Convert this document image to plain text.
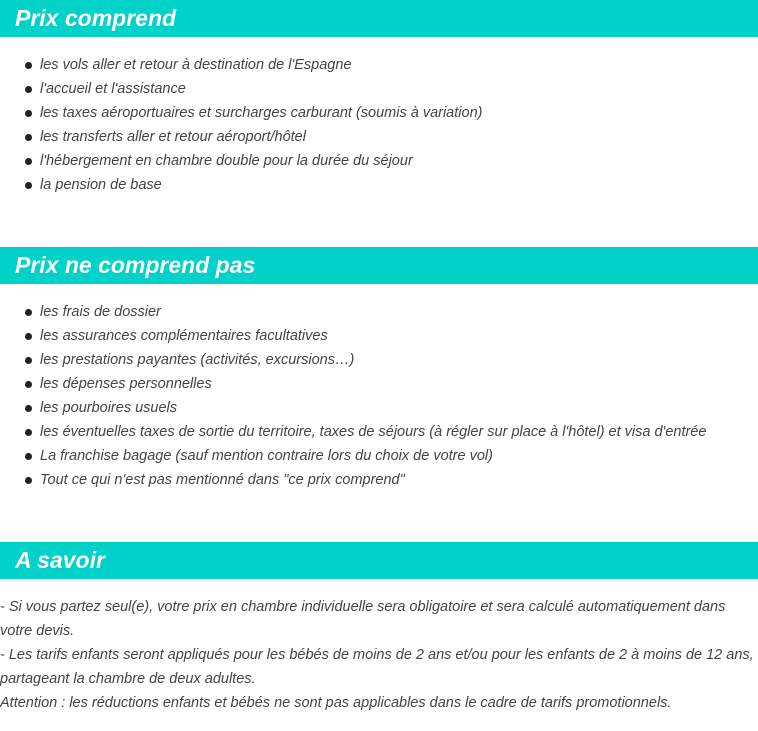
Prix comprend
les vols aller et retour à destination de l'Espagne
l'accueil et l'assistance
les taxes aéroportuaires et surcharges carburant (soumis à variation)
les transferts aller et retour aéroport/hôtel
l'hébergement en chambre double pour la durée du séjour
la pension de base
Prix ne comprend pas
les frais de dossier
les assurances complémentaires facultatives
les prestations payantes (activités, excursions…)
les dépenses personnelles
les pourboires usuels
les éventuelles taxes de sortie du territoire, taxes de séjours (à régler sur place à l'hôtel) et visa d'entrée
La franchise bagage (sauf mention contraire lors du choix de votre vol)
Tout ce qui n'est pas mentionné dans "ce prix comprend"
A savoir

- Si vous partez seul(e), votre prix en chambre individuelle sera obligatoire et sera calculé automatiquement dans votre devis.

- Les tarifs enfants seront appliqués pour les bébés de moins de 2 ans et/ou pour les enfants de 2 à moins de 12 ans, partageant la chambre de deux adultes.

Attention : les réductions enfants et bébés ne sont pas applicables dans le cadre de tarifs promotionnels.
